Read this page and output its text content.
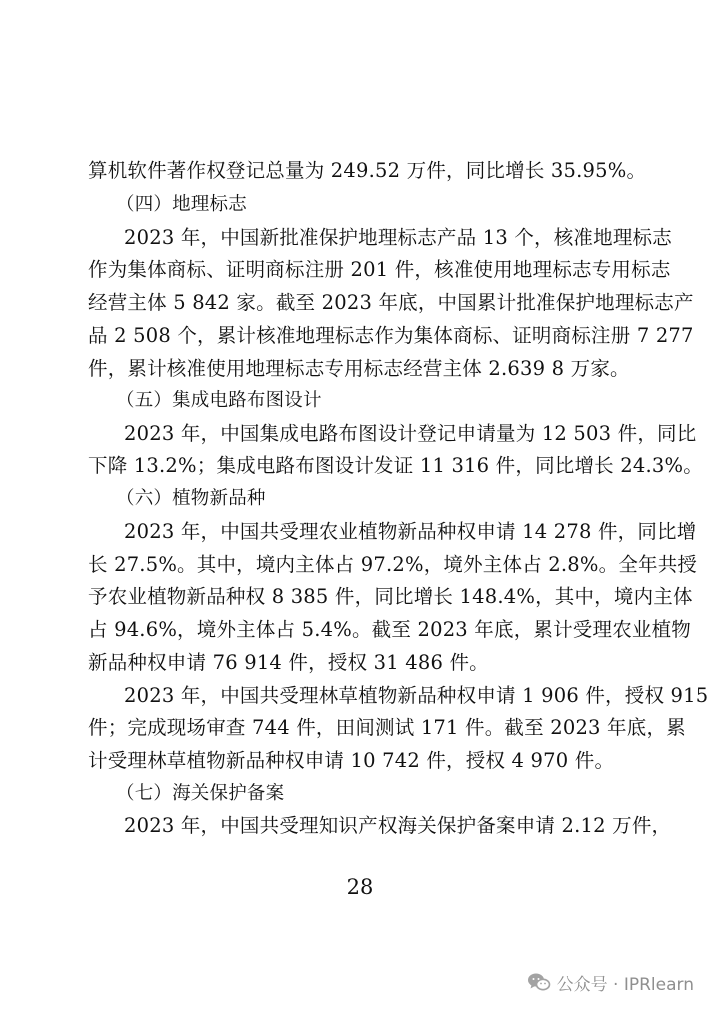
算机软件著作权登记总量为 249.52 万件，同比增长 35.95%。
（四）地理标志
2023 年，中国新批准保护地理标志产品 13 个，核准地理标志
作为集体商标、证明商标注册 201 件，核准使用地理标志专用标志
经营主体 5 842 家。截至 2023 年底，中国累计批准保护地理标志产
品 2 508 个，累计核准地理标志作为集体商标、证明商标注册 7 277
件，累计核准使用地理标志专用标志经营主体 2.639 8 万家。
（五）集成电路布图设计
2023 年，中国集成电路布图设计登记申请量为 12 503 件，同比
下降 13.2%；集成电路布图设计发证 11 316 件，同比增长 24.3%。
（六）植物新品种
2023 年，中国共受理农业植物新品种权申请 14 278 件，同比增
长 27.5%。其中，境内主体占 97.2%，境外主体占 2.8%。全年共授
予农业植物新品种权 8 385 件，同比增长 148.4%，其中，境内主体
占 94.6%，境外主体占 5.4%。截至 2023 年底，累计受理农业植物
新品种权申请 76 914 件，授权 31 486 件。
2023 年，中国共受理林草植物新品种权申请 1 906 件，授权 915
件；完成现场审查 744 件，田间测试 171 件。截至 2023 年底，累
计受理林草植物新品种权申请 10 742 件，授权 4 970 件。
（七）海关保护备案
2023 年，中国共受理知识产权海关保护备案申请 2.12 万件，
28
公众号 · IPRlearn
